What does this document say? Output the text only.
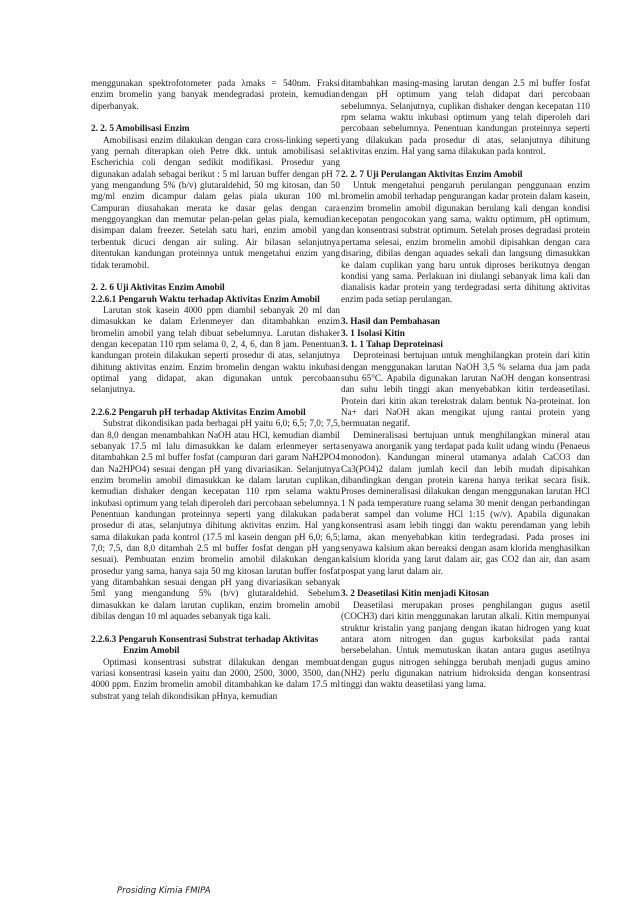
menggunakan spektrofotometer pada λmaks = 540nm. Fraksi enzim bromelin yang banyak mendegradasi protein, kemudian diperbanyak.

2. 2. 5 Amobilisasi Enzim

Amobilisasi enzim dilakukan dengan cara cross-linking seperti yang pernah diterapkan oleh Petre dkk. untuk amobilisasi sel Escherichia coli dengan sedikit modifikasi. Prosedur yang digunakan adalah sebagai berikut : 5 ml laruan buffer dengan pH 7 yang mengandung 5% (b/v) glutaraldehid, 50 mg kitosan, dan 50 mg/ml enzim dicampur dalam gelas piala ukuran 100 ml. Campuran diusahakan merata ke dasar gelas dengan cara menggoyangkan dan memutar pelan-pelan gelas piala, kemudian disimpan dalam freezer. Setelah satu hari, enzim amobil yang terbentuk dicuci dengan air suling. Air bilasan selanjutnya ditentukan kandungan proteinnya untuk mengetahui enzim yang tidak teramobil.

2. 2. 6 Uji Aktivitas Enzim Amobil

2.2.6.1 Pengaruh Waktu terhadap Aktivitas Enzim Amobil

Larutan stok kasein 4000 ppm diambil sebanyak 20 ml dan dimasukkan ke dalam Erlenmeyer dan ditambahkan enzim bromelin amobil yang telah dibuat sebelumnya. Larutan dishaker dengan kecepatan 110 rpm selama 0, 2, 4, 6, dan 8 jam. Penentuan kandungan protein dilakukan seperti prosedur di atas, selanjutnya dihitung aktivitas enzim. Enzim bromelin dengan waktu inkubasi optimal yang didapat, akan digunakan untuk percobaan selanjutnya.

2.2.6.2 Pengaruh pH terhadap Aktivitas Enzim Amobil

Substrat dikondisikan pada berbagai pH yaitu 6,0; 6,5; 7,0; 7,5, dan 8,0 dengan menambahkan NaOH atau HCl, kemudian diambil sebanyak 17.5 ml lalu dimasukkan ke dalam erlenmeyer serta ditambahkan 2.5 ml buffer fosfat (campuran dari garam NaH2PO4 dan Na2HPO4) sesuai dengan pH yang divariasikan. Selanjutnya enzim bromelin amobil dimasukkan ke dalam larutan cuplikan, kemudian dishaker dengan kecepatan 110 rpm selama waktu inkubasi optimum yang telah diperoleh dari percobaan sebelumnya. Penentuan kandungan proteinnya seperti yang dilakukan pada prosedur di atas, selanjutnya dihitung aktivitas enzim. Hal yang sama dilakukan pada kontrol (17.5 ml kasein dengan pH 6,0; 6,5; 7,0; 7,5, dan 8,0 ditambah 2.5 ml buffer fosfat dengan pH yang sesuai). Pembuatan enzim bromelin amobil dilakukan dengan prosedur yang sama, hanya saja 50 mg kitosan larutan buffer fosfat yang ditambahkan sesuai dengan pH yang divariasikan sebanyak 5ml yang mengandung 5% (b/v) glutaraldehid. Sebelum dimasukkan ke dalam larutan cuplikan, enzim bromelin amobil dibilas dengan 10 ml aquades sebanyak tiga kali.

2.2.6.3 Pengaruh Konsentrasi Substrat terhadap Aktivitas Enzim Amobil

Optimasi konsentrasi substrat dilakukan dengan membuat variasi konsentrasi kasein yaitu dan 2000, 2500, 3000, 3500, dan 4000 ppm. Enzim bromelin amobil ditambahkan ke dalam 17.5 ml substrat yang telah dikondisikan pHnya, kemudian

ditambahkan masing-masing larutan dengan 2.5 ml buffer fosfat dengan pH optimum yang telah didapat dari percobaan sebelumnya. Selanjutnya, cuplikan dishaker dengan kecepatan 110 rpm selama waktu inkubasi optimum yang telah diperoleh dari percobaan sebelumnya. Penentuan kandungan proteinnya seperti yang dilakukan pada prosedur di atas, selanjutnya dihitung aktivitas enzim. Hal yang sama dilakukan pada kontrol.

2. 2. 7 Uji Perulangan Aktivitas Enzim Amobil

Untuk mengetahui pengaruh perulangan penggunaan enzim bromelin amobil terhadap pengurangan kadar protein dalam kasein, enzim bromelin amobil digunakan berulang kali dengan kondisi kecepatan pengocokan yang sama, waktu optimum, pH optimum, dan konsentrasi substrat optimum. Setelah proses degradasi protein pertama selesai, enzim bromelin amobil dipisahkan dengan cara disaring, dibilas dengan aquades sekali dan langsung dimasukkan ke dalam cuplikan yang baru untuk diproses berikutnya dengan kondisi yang sama. Perlakuan ini diulangi sebanyak lima kali dan dianalisis kadar protein yang terdegradasi serta dihitung aktivitas enzim pada setiap perulangan.

3. Hasil dan Pembahasan

3. 1 Isolasi Kitin

3. 1. 1 Tahap Deproteinasi

Deproteinasi bertujuan untuk menghilangkan protein dari kitin dengan menggunakan larutan NaOH 3,5 % selama dua jam pada suhu 65°C. Apabila digunakan larutan NaOH dengan konsentrasi dan suhu lebih tinggi akan menyebabkan kitin terdeasetilasi. Protein dari kitin akan terekstrak dalam bentuk Na-proteinat. Ion Na+ dari NaOH akan mengikat ujung rantai protein yang bermuatan negatif.

Demineralisasi bertujuan untuk menghilangkan mineral atau senyawa anorganik yang terdapat pada kulit udang windu (Penaeus monodon). Kandungan mineral utamanya adalah CaCO3 dan Ca3(PO4)2 dalam jumlah kecil dan lebih mudah dipisahkan dibandingkan dengan protein karena hanya terikat secara fisik. Proses demineralisasi dilakukan dengan menggunakan larutan HCl 1 N pada temperature ruang selama 30 menit dengan perbandingan berat sampel dan volume HCl 1:15 (w/v). Apabila digunakan konsentrasi asam lebih tinggi dan waktu perendaman yang lebih lama, akan menyebabkan kitin terdegradasi. Pada proses ini senyawa kalsium akan bereaksi dengan asam klorida menghasilkan kalsium klorida yang larut dalam air, gas CO2 dan air, dan asam pospat yang larut dalam air.

3. 2 Deasetilasi Kitin menjadi Kitosan

Deasetilasi merupakan proses penghilangan gugus asetil (COCH3) dari kitin menggunakan larutan alkali. Kitin mempunyai struktur kristalin yang panjang dengan ikatan hidrogen yang kuat antara atom nitrogen dan gugus karboksilat pada rantai bersebelahan. Untuk memutuskan ikatan antara gugus asetilnya dengan gugus nitrogen sehingga berubah menjadi gugus amino (NH2) perlu digunakan natrium hidroksida dengan konsentrasi tinggi dan waktu deasetilasi yang lama.

Prosiding Kimia FMIPA
